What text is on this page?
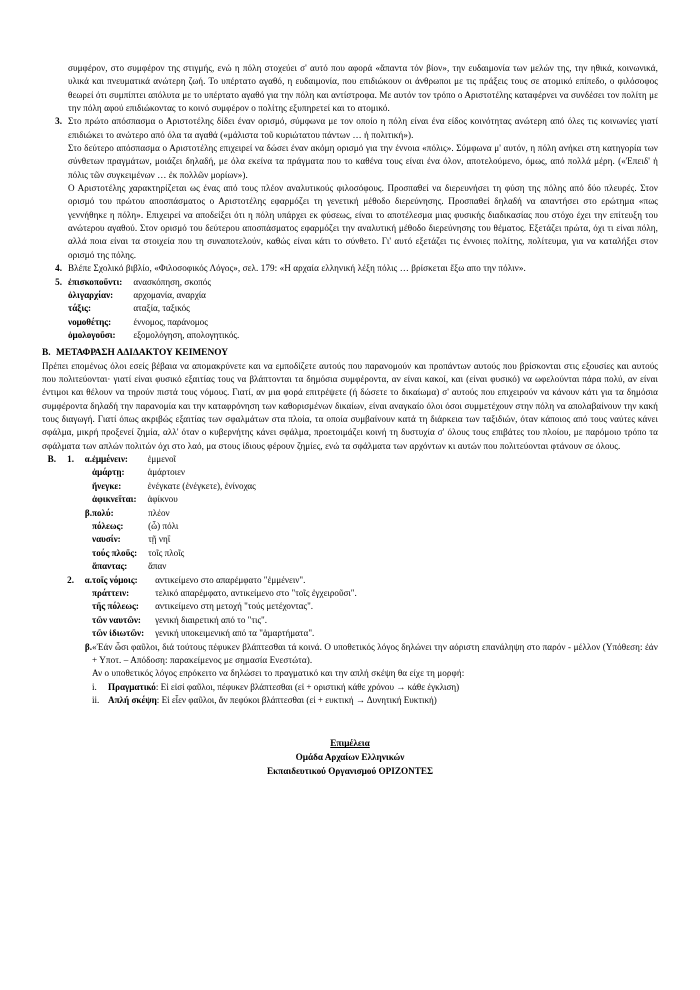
συμφέρον, στο συμφέρον της στιγμής, ενώ η πόλη στοχεύει σ' αυτό που αφορά «ἅπαντα τόν βίον», την ευδαιμονία των μελών της, την ηθικά, κοινωνικά, υλικά και πνευματικά ανώτερη ζωή. Το υπέρτατο αγαθό, η ευδαιμονία, που επιδιώκουν οι άνθρωποι με τις πράξεις τους σε ατομικό επίπεδο, ο φιλόσοφος θεωρεί ότι συμπίπτει απόλυτα με το υπέρτατο αγαθό για την πόλη και αντίστροφα. Με αυτόν τον τρόπο ο Αριστοτέλης καταφέρνει να συνδέσει τον πολίτη με την πόλη αφού επιδιώκοντας το κοινό συμφέρον ο πολίτης εξυπηρετεί και το ατομικό.

3. Στο πρώτο απόσπασμα ο Αριστοτέλης δίδει έναν ορισμό, σύμφωνα με τον οποίο η πόλη είναι ένα είδος κοινότητας ανώτερη από όλες τις κοινωνίες γιατί επιδιώκει το ανώτερο από όλα τα αγαθά («μάλιστα τοῦ κυριώτατου πάντων … ἡ πολιτική»).

Στο δεύτερο απόσπασμα ο Αριστοτέλης επιχειρεί να δώσει έναν ακόμη ορισμό για την έννοια «πόλις». Σύμφωνα μ' αυτόν, η πόλη ανήκει στη κατηγορία των σύνθετων πραγμάτων, μοιάζει δηλαδή, με όλα εκείνα τα πράγματα που το καθένα τους είναι ένα όλον, αποτελούμενο, όμως, από πολλά μέρη. («Ἐπειδ' ἡ πόλις τῶν συγκειμένων … ἐκ πολλῶν μορίων»).

Ο Αριστοτέλης χαρακτηρίζεται ως ένας από τους πλέον αναλυτικούς φιλοσόφους. Προσπαθεί να διερευνήσει τη φύση της πόλης από δύο πλευρές. Στον ορισμό του πρώτου αποσπάσματος ο Αριστοτέλης εφαρμόζει τη γενετική μέθοδο διερεύνησης. Προσπαθεί δηλαδή να απαντήσει στο ερώτημα «πως γεννήθηκε η πόλη». Επιχειρεί να αποδείξει ότι η πόλη υπάρχει εκ φύσεως, είναι το αποτέλεσμα μιας φυσικής διαδικασίας που στόχο έχει την επίτευξη του ανώτερου αγαθού. Στον ορισμό του δεύτερου αποσπάσματος εφαρμόζει την αναλυτική μέθοδο διερεύνησης του θέματος. Εξετάζει πρώτα, όχι τι είναι πόλη, αλλά ποια είναι τα στοιχεία που τη συναποτελούν, καθώς είναι κάτι το σύνθετο. Γι' αυτό εξετάζει τις έννοιες πολίτης, πολίτευμα, για να καταλήξει στον ορισμό της πόλης.

4. Βλέπε Σχολικό βιβλίο, «Φιλοσοφικός Λόγος», σελ. 179: «Η αρχαία ελληνική λέξη πόλις … βρίσκεται ἔξω απο την πόλιν».

5. ἐπισκοποῦντι:	ανασκόπηση, σκοπός
ὀλιγαρχίαν:	αρχομανία, αναρχία
τάξις:	αταξία, ταξικός
νομοθέτης:	έννομος, παράνομος
ὁμολογοῦσι:	εξομολόγηση, απολογητικός.
Β. ΜΕΤΑΦΡΑΣΗ ΑΔΙΔΑΚΤΟΥ ΚΕΙΜΕΝΟΥ

Πρέπει επομένως όλοι εσείς βέβαια να απομακρύνετε και να εμποδίζετε αυτούς που παρανομούν και προπάντων αυτούς που βρίσκονται στις εξουσίες και αυτούς που πολιτεύονται· γιατί είναι φυσικό εξαιτίας τους να βλάπτονται τα δημόσια συμφέροντα, αν είναι κακοί, και (είναι φυσικό) να ωφελούνται πάρα πολύ, αν είναι έντιμοι και θέλουν να τηρούν πιστά τους νόμους. Γιατί, αν μια φορά επιτρέψετε (ή δώσετε το δικαίωμα) σ' αυτούς που επιχειρούν να κάνουν κάτι για τα δημόσια συμφέροντα δηλαδή την παρανομία και την καταφρόνηση των καθορισμένων δικαίων, είναι αναγκαίο όλοι όσοι συμμετέχουν στην πόλη να απολαβαίνουν την κακή τους διαγωγή. Γιατί όπως ακριβώς εξαιτίας των σφαλμάτων στα πλοία, τα οποία συμβαίνουν κατά τη διάρκεια των ταξιδιών, όταν κάποιος από τους ναύτες κάνει σφάλμα, μικρή προξενεί ζημία, αλλ' όταν ο κυβερνήτης κάνει σφάλμα, προετοιμάζει κοινή τη δυστυχία σ' όλους τους επιβάτες του πλοίου, με παρόμοιο τρόπο τα σφάλματα των απλών πολιτών όχι στο λαό, μα στους ίδιους φέρουν ζημίες, ενώ τα σφάλματα των αρχόντων κι αυτών που πολιτεύονται φτάνουν σε όλους.

Β.	1.	α. ἐμμένειν:	ἐμμενοῖ
ἁμάρτῃ:	ἁμάρτοιεν
ἤνεγκε:	ἐνέγκατε (ἐνέγκετε), ἐνίνοχας
ἀφικνεῖται:	ἀφίκνου
β. πολύ:	πλέον
πόλεως:	(ὦ) πόλι
ναυσίν:	τῇ νηΐ
τούς πλοῦς:	τοῖς πλοῖς
ἅπαντας:	ἅπαν
2.	α. τοῖς νόμοις:	αντικείμενο στο απαρέμφατο "ἐμμένειν".
πράττειν:	τελικό απαρέμφατο, αντικείμενο στο "τοῖς ἐγχειροῦσι".
τῆς πόλεως:	αντικείμενο στη μετοχή "τούς μετέχοντας".
τῶν ναυτῶν:	γενική διαιρετική από το "τις".
τῶν ἰδιωτῶν:	γενική υποκειμενική από τα "ἁμαρτήματα".
β. «Ἐάν ὦσι φαῦλοι, διά τούτους πέφυκεν βλάπτεσθαι τά κοινά. Ο υποθετικός λόγος δηλώνει την αόριστη επανάληψη στο παρόν - μέλλον (Υπόθεση: ἐάν + Υποτ. – Απόδοση: παρακείμενος με σημασία Ενεστώτα).

Αν ο υποθετικός λόγος επρόκειτο να δηλώσει το πραγματικό και την απλή σκέψη θα είχε τη μορφή:

i.	Πραγματικό: Εἰ εἰσί φαῦλοι, πέφυκεν βλάπτεσθαι (εἰ + οριστική κάθε χρόνου → κάθε έγκλιση)
ii. Απλή σκέψη: Εἰ εἶεν φαῦλοι, ἄν πεφύκοι βλάπτεσθαι (εἰ + ευκτική → Δυνητική Ευκτική)
Επιμέλεια
Ομάδα Αρχαίων Ελληνικών
Εκπαιδευτικού Οργανισμού ΟΡΙΖΟΝΤΕΣ
